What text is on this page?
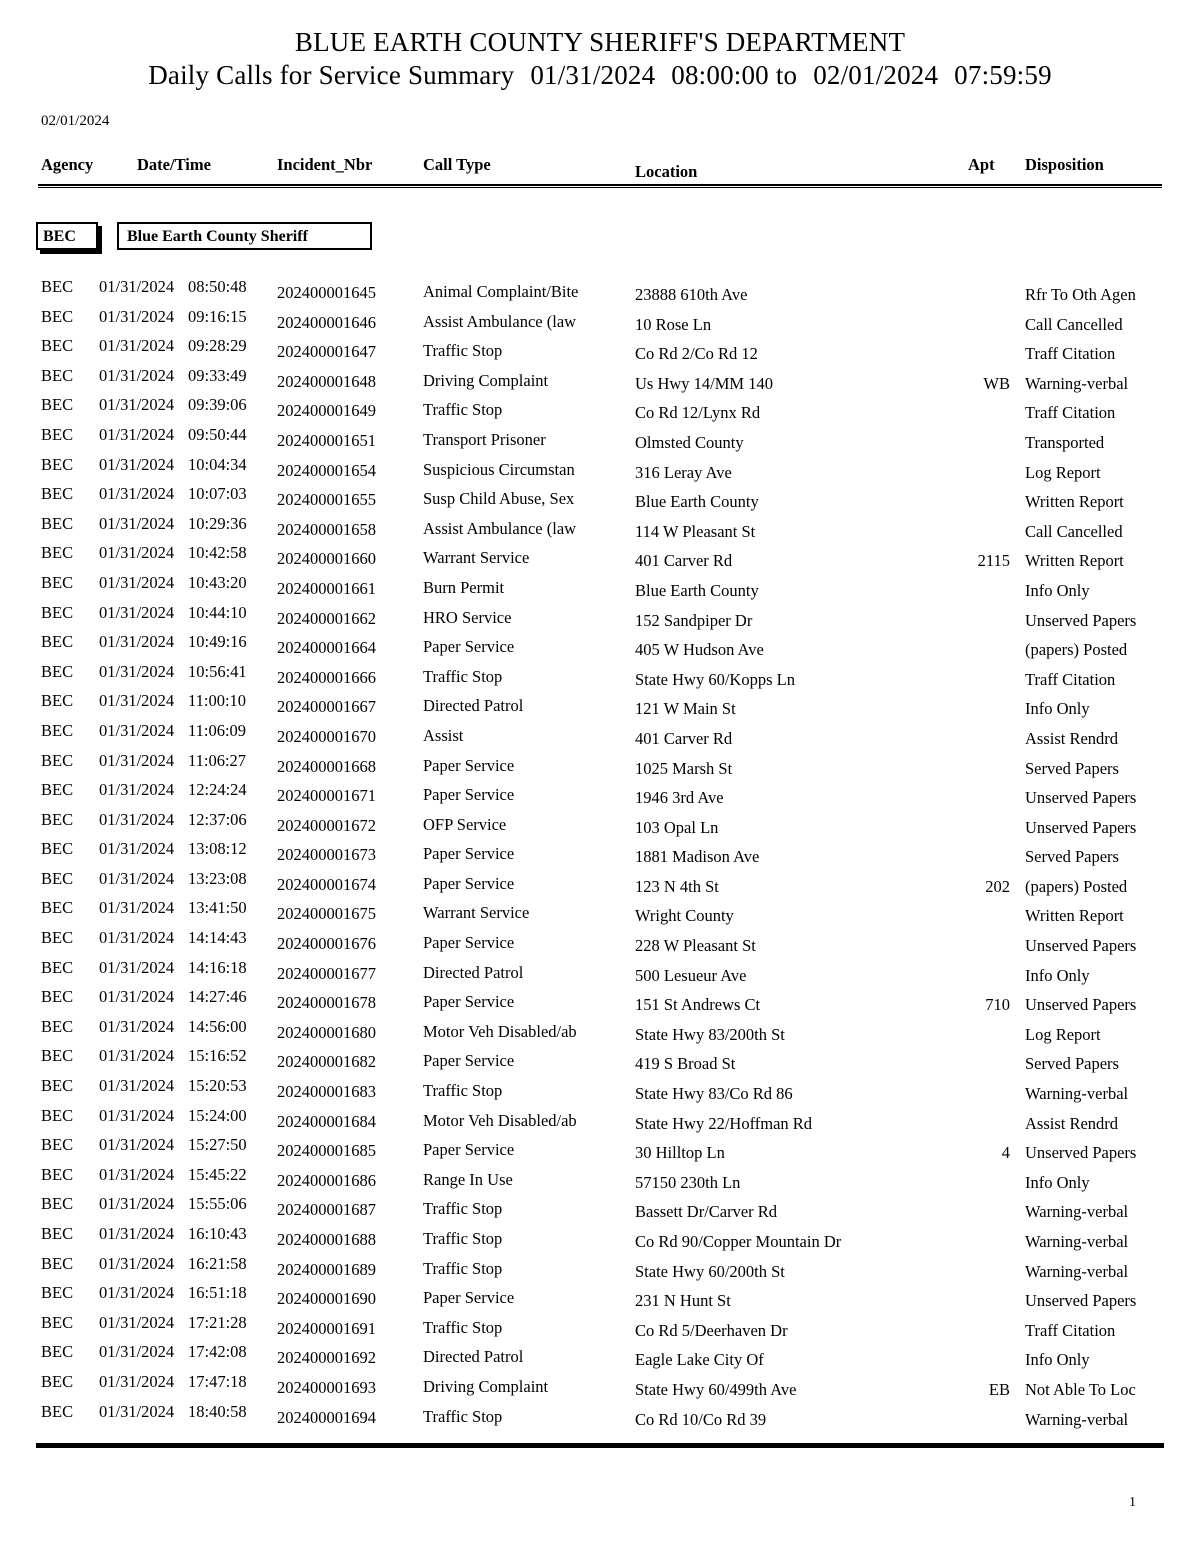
BLUE EARTH COUNTY SHERIFF'S DEPARTMENT
Daily Calls for Service Summary 01/31/2024 08:00:00 to 02/01/2024 07:59:59
02/01/2024
Agency	Date/Time	Incident_Nbr	Call Type	Location	Apt Disposition
BEC	Blue Earth County Sheriff
BEC 01/31/2024 08:50:48 202400001645	Animal Complaint/Bite	23888 610th Ave	Rfr To Oth Agen
BEC 01/31/2024 09:16:15 202400001646	Assist Ambulance (law	10 Rose Ln	Call Cancelled
BEC 01/31/2024 09:28:29 202400001647	Traffic Stop	Co Rd 2/Co Rd 12	Traff Citation
BEC 01/31/2024 09:33:49 202400001648	Driving Complaint	Us Hwy 14/MM 140	WB Warning-verbal
BEC 01/31/2024 09:39:06 202400001649	Traffic Stop	Co Rd 12/Lynx Rd	Traff Citation
BEC 01/31/2024 09:50:44 202400001651	Transport Prisoner	Olmsted County	Transported
BEC 01/31/2024 10:04:34 202400001654	Suspicious Circumstan	316 Leray Ave	Log Report
BEC 01/31/2024 10:07:03 202400001655	Susp Child Abuse, Sex	Blue Earth County	Written Report
BEC 01/31/2024 10:29:36 202400001658	Assist Ambulance (law	114 W Pleasant St	Call Cancelled
BEC 01/31/2024 10:42:58 202400001660	Warrant Service	401 Carver Rd	2115 Written Report
BEC 01/31/2024 10:43:20 202400001661	Burn Permit	Blue Earth County	Info Only
BEC 01/31/2024 10:44:10 202400001662	HRO Service	152 Sandpiper Dr	Unserved Papers
BEC 01/31/2024 10:49:16 202400001664	Paper Service	405 W Hudson Ave	(papers) Posted
BEC 01/31/2024 10:56:41 202400001666	Traffic Stop	State Hwy 60/Kopps Ln	Traff Citation
BEC 01/31/2024 11:00:10 202400001667	Directed Patrol	121 W Main St	Info Only
BEC 01/31/2024 11:06:09 202400001670	Assist	401 Carver Rd	Assist Rendrd
BEC 01/31/2024 11:06:27 202400001668	Paper Service	1025 Marsh St	Served Papers
BEC 01/31/2024 12:24:24 202400001671	Paper Service	1946 3rd Ave	Unserved Papers
BEC 01/31/2024 12:37:06 202400001672	OFP Service	103 Opal Ln	Unserved Papers
BEC 01/31/2024 13:08:12 202400001673	Paper Service	1881 Madison Ave	Served Papers
BEC 01/31/2024 13:23:08 202400001674	Paper Service	123 N 4th St	202 (papers) Posted
BEC 01/31/2024 13:41:50 202400001675	Warrant Service	Wright County	Written Report
BEC 01/31/2024 14:14:43 202400001676	Paper Service	228 W Pleasant St	Unserved Papers
BEC 01/31/2024 14:16:18 202400001677	Directed Patrol	500 Lesueur Ave	Info Only
BEC 01/31/2024 14:27:46 202400001678	Paper Service	151 St Andrews Ct	710 Unserved Papers
BEC 01/31/2024 14:56:00 202400001680	Motor Veh Disabled/ab	State Hwy 83/200th St	Log Report
BEC 01/31/2024 15:16:52 202400001682	Paper Service	419 S Broad St	Served Papers
BEC 01/31/2024 15:20:53 202400001683	Traffic Stop	State Hwy 83/Co Rd 86	Warning-verbal
BEC 01/31/2024 15:24:00 202400001684	Motor Veh Disabled/ab	State Hwy 22/Hoffman Rd	Assist Rendrd
BEC 01/31/2024 15:27:50 202400001685	Paper Service	30 Hilltop Ln	4 Unserved Papers
BEC 01/31/2024 15:45:22 202400001686	Range In Use	57150 230th Ln	Info Only
BEC 01/31/2024 15:55:06 202400001687	Traffic Stop	Bassett Dr/Carver Rd	Warning-verbal
BEC 01/31/2024 16:10:43 202400001688	Traffic Stop	Co Rd 90/Copper Mountain Dr	Warning-verbal
BEC 01/31/2024 16:21:58 202400001689	Traffic Stop	State Hwy 60/200th St	Warning-verbal
BEC 01/31/2024 16:51:18 202400001690	Paper Service	231 N Hunt St	Unserved Papers
BEC 01/31/2024 17:21:28 202400001691	Traffic Stop	Co Rd 5/Deerhaven Dr	Traff Citation
BEC 01/31/2024 17:42:08 202400001692	Directed Patrol	Eagle Lake City Of	Info Only
BEC 01/31/2024 17:47:18 202400001693	Driving Complaint	State Hwy 60/499th Ave	EB Not Able To Loc
BEC 01/31/2024 18:40:58 202400001694	Traffic Stop	Co Rd 10/Co Rd 39	Warning-verbal
1
